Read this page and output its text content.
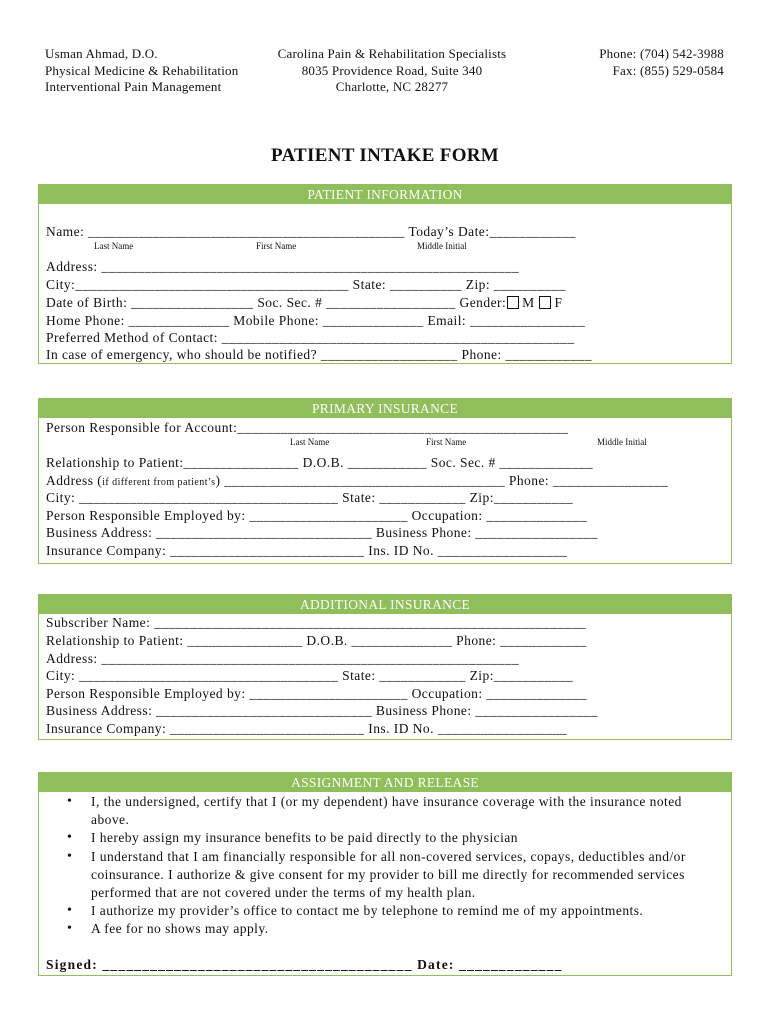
Usman Ahmad, D.O.
Physical Medicine & Rehabilitation
Interventional Pain Management
Carolina Pain & Rehabilitation Specialists
8035 Providence Road, Suite 340
Charlotte, NC 28277
Phone: (704) 542-3988
Fax: (855) 529-0584
PATIENT INTAKE FORM
PATIENT INFORMATION
Name: ____________________________________________ Today’s Date:____________
Last Name	First Name	Middle Initial
Address: __________________________________________________________
City:______________________________________ State: __________ Zip: __________
Date of Birth: _________________ Soc. Sec. # __________________ Gender: M F
Home Phone: ______________ Mobile Phone: ______________ Email: ________________
Preferred Method of Contact: _________________________________________________
In case of emergency, who should be notified? ___________________ Phone: ____________
PRIMARY INSURANCE
Person Responsible for Account:______________________________________________
Last Name	First Name	Middle Initial
Relationship to Patient:________________ D.O.B. ___________ Soc. Sec. # _____________
Address (if different from patient’s) _______________________________________ Phone: ________________
City: ____________________________________ State: ____________ Zip:___________
Person Responsible Employed by: ______________________ Occupation: ______________
Business Address: ______________________________ Business Phone: _________________
Insurance Company: ___________________________ Ins. ID No. __________________
ADDITIONAL INSURANCE
Subscriber Name: ____________________________________________________________
Relationship to Patient: ________________ D.O.B. ______________ Phone: ____________
Address: __________________________________________________________
City: ____________________________________ State: ____________ Zip:___________
Person Responsible Employed by: ______________________ Occupation: ______________
Business Address: ______________________________ Business Phone: _________________
Insurance Company: ___________________________ Ins. ID No. __________________
ASSIGNMENT AND RELEASE
• I, the undersigned, certify that I (or my dependent) have insurance coverage with the insurance noted above.
• I hereby assign my insurance benefits to be paid directly to the physician
• I understand that I am financially responsible for all non-covered services, copays, deductibles and/or coinsurance. I authorize & give consent for my provider to bill me directly for recommended services performed that are not covered under the terms of my health plan.
• I authorize my provider’s office to contact me by telephone to remind me of my appointments.
• A fee for no shows may apply.
Signed: _______________________________________ Date: _____________
